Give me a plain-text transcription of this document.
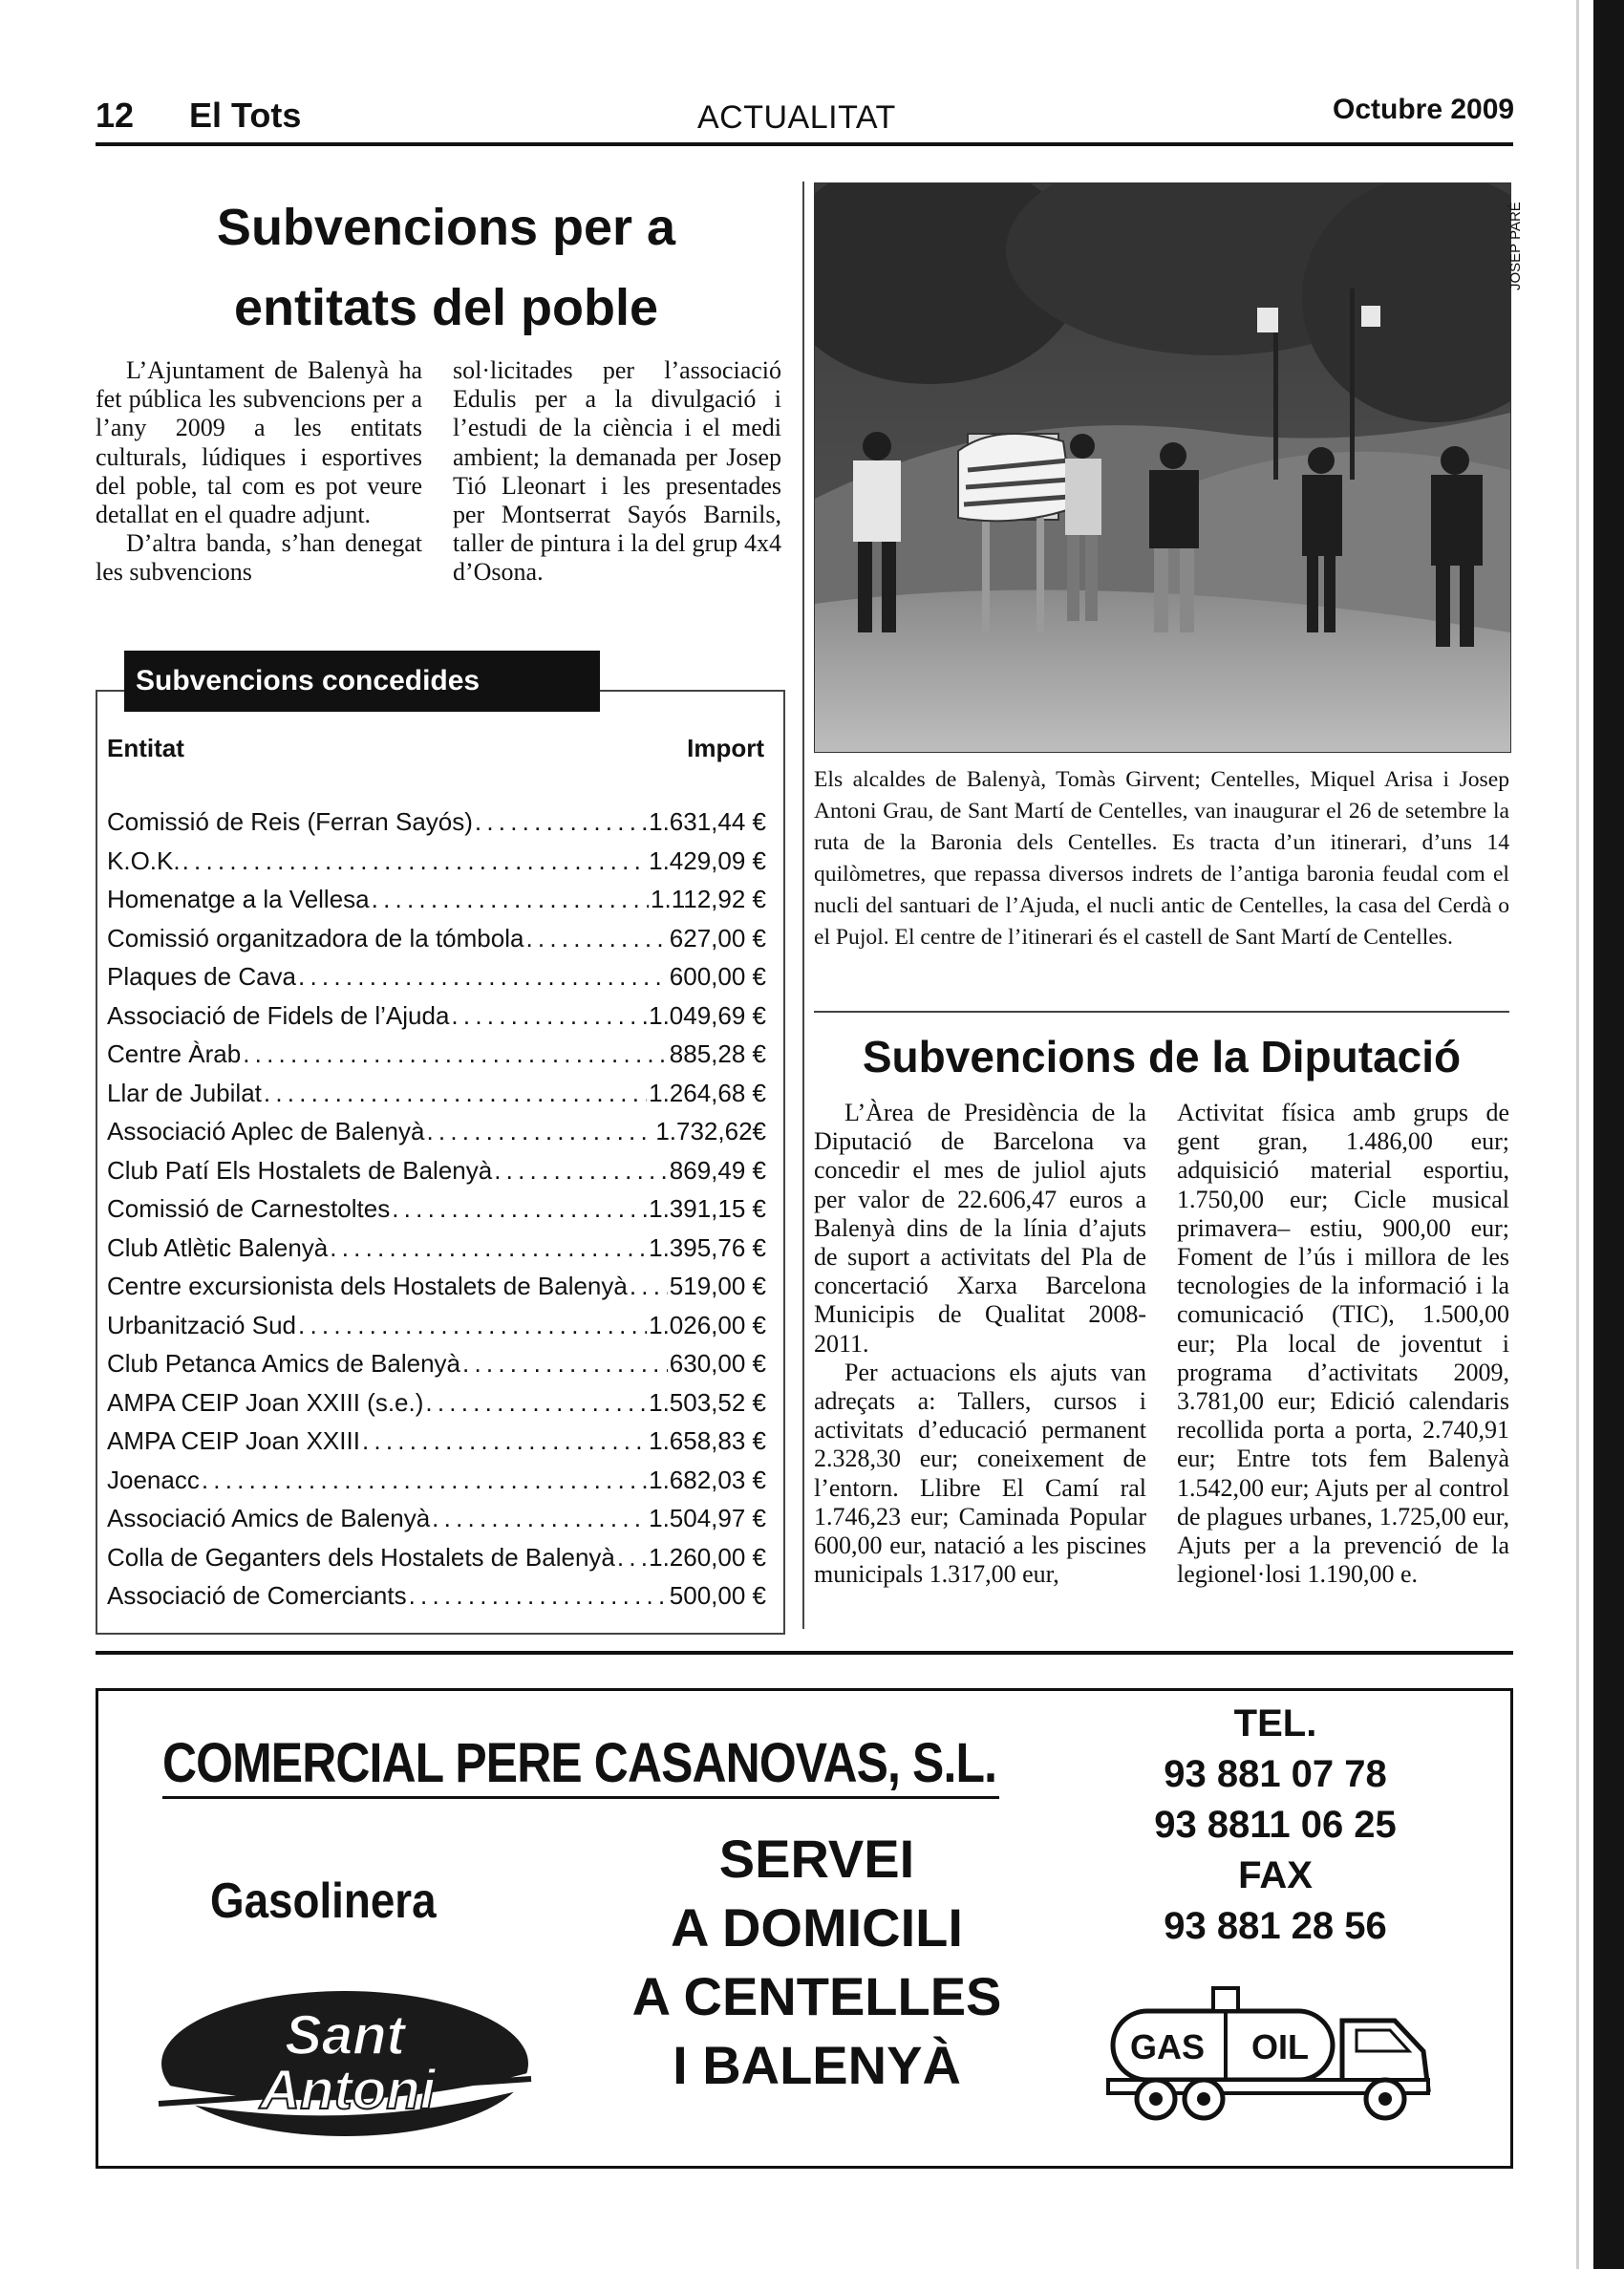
12 El Tots	ACTUALITAT	Octubre 2009
Subvencions per a
entitats del poble

L’Ajuntament de Balenyà ha fet pública les subvencions per a l’any 2009 a les entitats culturals, lúdiques i esportives del poble, tal com es pot veure detallat en el quadre adjunt.

D’altra banda, s’han denegat les subvencions

sol·licitades per l’associació Edulis per a la divulgació i l’estudi de la ciència i el medi ambient; la demanada per Josep Tió Lleonart i les presentades per Montserrat Sayós Barnils, taller de pintura i la del grup 4x4 d’Osona.

Subvencions concedides
Entitat	Import
Comissió de Reis (Ferran Sayós) . . .	1.631,44 €
K.O.K. . . .	1.429,09 €
Homenatge a la Vellesa . . .	1.112,92 €
Comissió organitzadora de la tómbola . . .	627,00 €
Plaques de Cava . . .	600,00 €
Associació de Fidels de l’Ajuda . . .	1.049,69 €
Centre Àrab . . .	885,28 €
Llar de Jubilat . . .	1.264,68 €
Associació Aplec de Balenyà . . .	1.732,62€
Club Patí Els Hostalets de Balenyà . . .	869,49 €
Comissió de Carnestoltes . . .	1.391,15 €
Club Atlètic Balenyà . . .	1.395,76 €
Centre excursionista dels Hostalets de Balenyà . . . 519,00 €
Urbanització Sud . . .	1.026,00 €
Club Petanca Amics de Balenyà . . .	630,00 €
AMPA CEIP Joan XXIII (s.e.) . . .	1.503,52 €
AMPA CEIP Joan XXIII . . .	1.658,83 €
Joenacc . . .	1.682,03 €
Associació Amics de Balenyà . . .	1.504,97 €
Colla de Geganters dels Hostalets de Balenyà . . . 1.260,00 €
Associació de Comerciants . . .	500,00 €
JOSEP PARÉ

Els alcaldes de Balenyà, Tomàs Girvent; Centelles, Miquel Arisa i Josep Antoni Grau, de Sant Martí de Centelles, van inaugurar el 26 de setembre la ruta de la Baronia dels Centelles. Es tracta d’un itinerari, d’uns 14 quilòmetres, que repassa diversos indrets de l’antiga baronia feudal com el nucli del santuari de l’Ajuda, el nucli antic de Centelles, la casa del Cerdà o el Pujol. El centre de l’itinerari és el castell de Sant Martí de Centelles.

Subvencions de la Diputació

L’Àrea de Presidència de la Diputació de Barcelona va concedir el mes de juliol ajuts per valor de 22.606,47 euros a Balenyà dins de la línia d’ajuts de suport a activitats del Pla de concertació Xarxa Barcelona Municipis de Qualitat 2008-2011.

Per actuacions els ajuts van adreçats a: Tallers, cursos i activitats d’educació permanent 2.328,30 eur; coneixement de l’entorn. Llibre El Camí ral 1.746,23 eur; Caminada Popular 600,00 eur, natació a les piscines municipals 1.317,00 eur,

Activitat física amb grups de gent gran, 1.486,00 eur; adquisició material esportiu, 1.750,00 eur; Cicle musical primavera– estiu, 900,00 eur; Foment de l’ús i millora de les tecnologies de la informació i la comunicació (TIC), 1.500,00 eur; Pla local de joventut i programa d’activitats 2009, 3.781,00 eur; Edició calendaris recollida porta a porta, 2.740,91 eur; Entre tots fem Balenyà 1.542,00 eur; Ajuts per al control de plagues urbanes, 1.725,00 eur, Ajuts per a la prevenció de la legionel·losi 1.190,00 e.

COMERCIAL PERE CASANOVAS, S.L.
Gasolinera
SERVEI
A DOMICILI
A CENTELLES
I BALENYÀ
TEL.
93 881 07 78
93 8811 06 25
FAX
93 881 28 56
Sant
Antoni
GAS OIL
